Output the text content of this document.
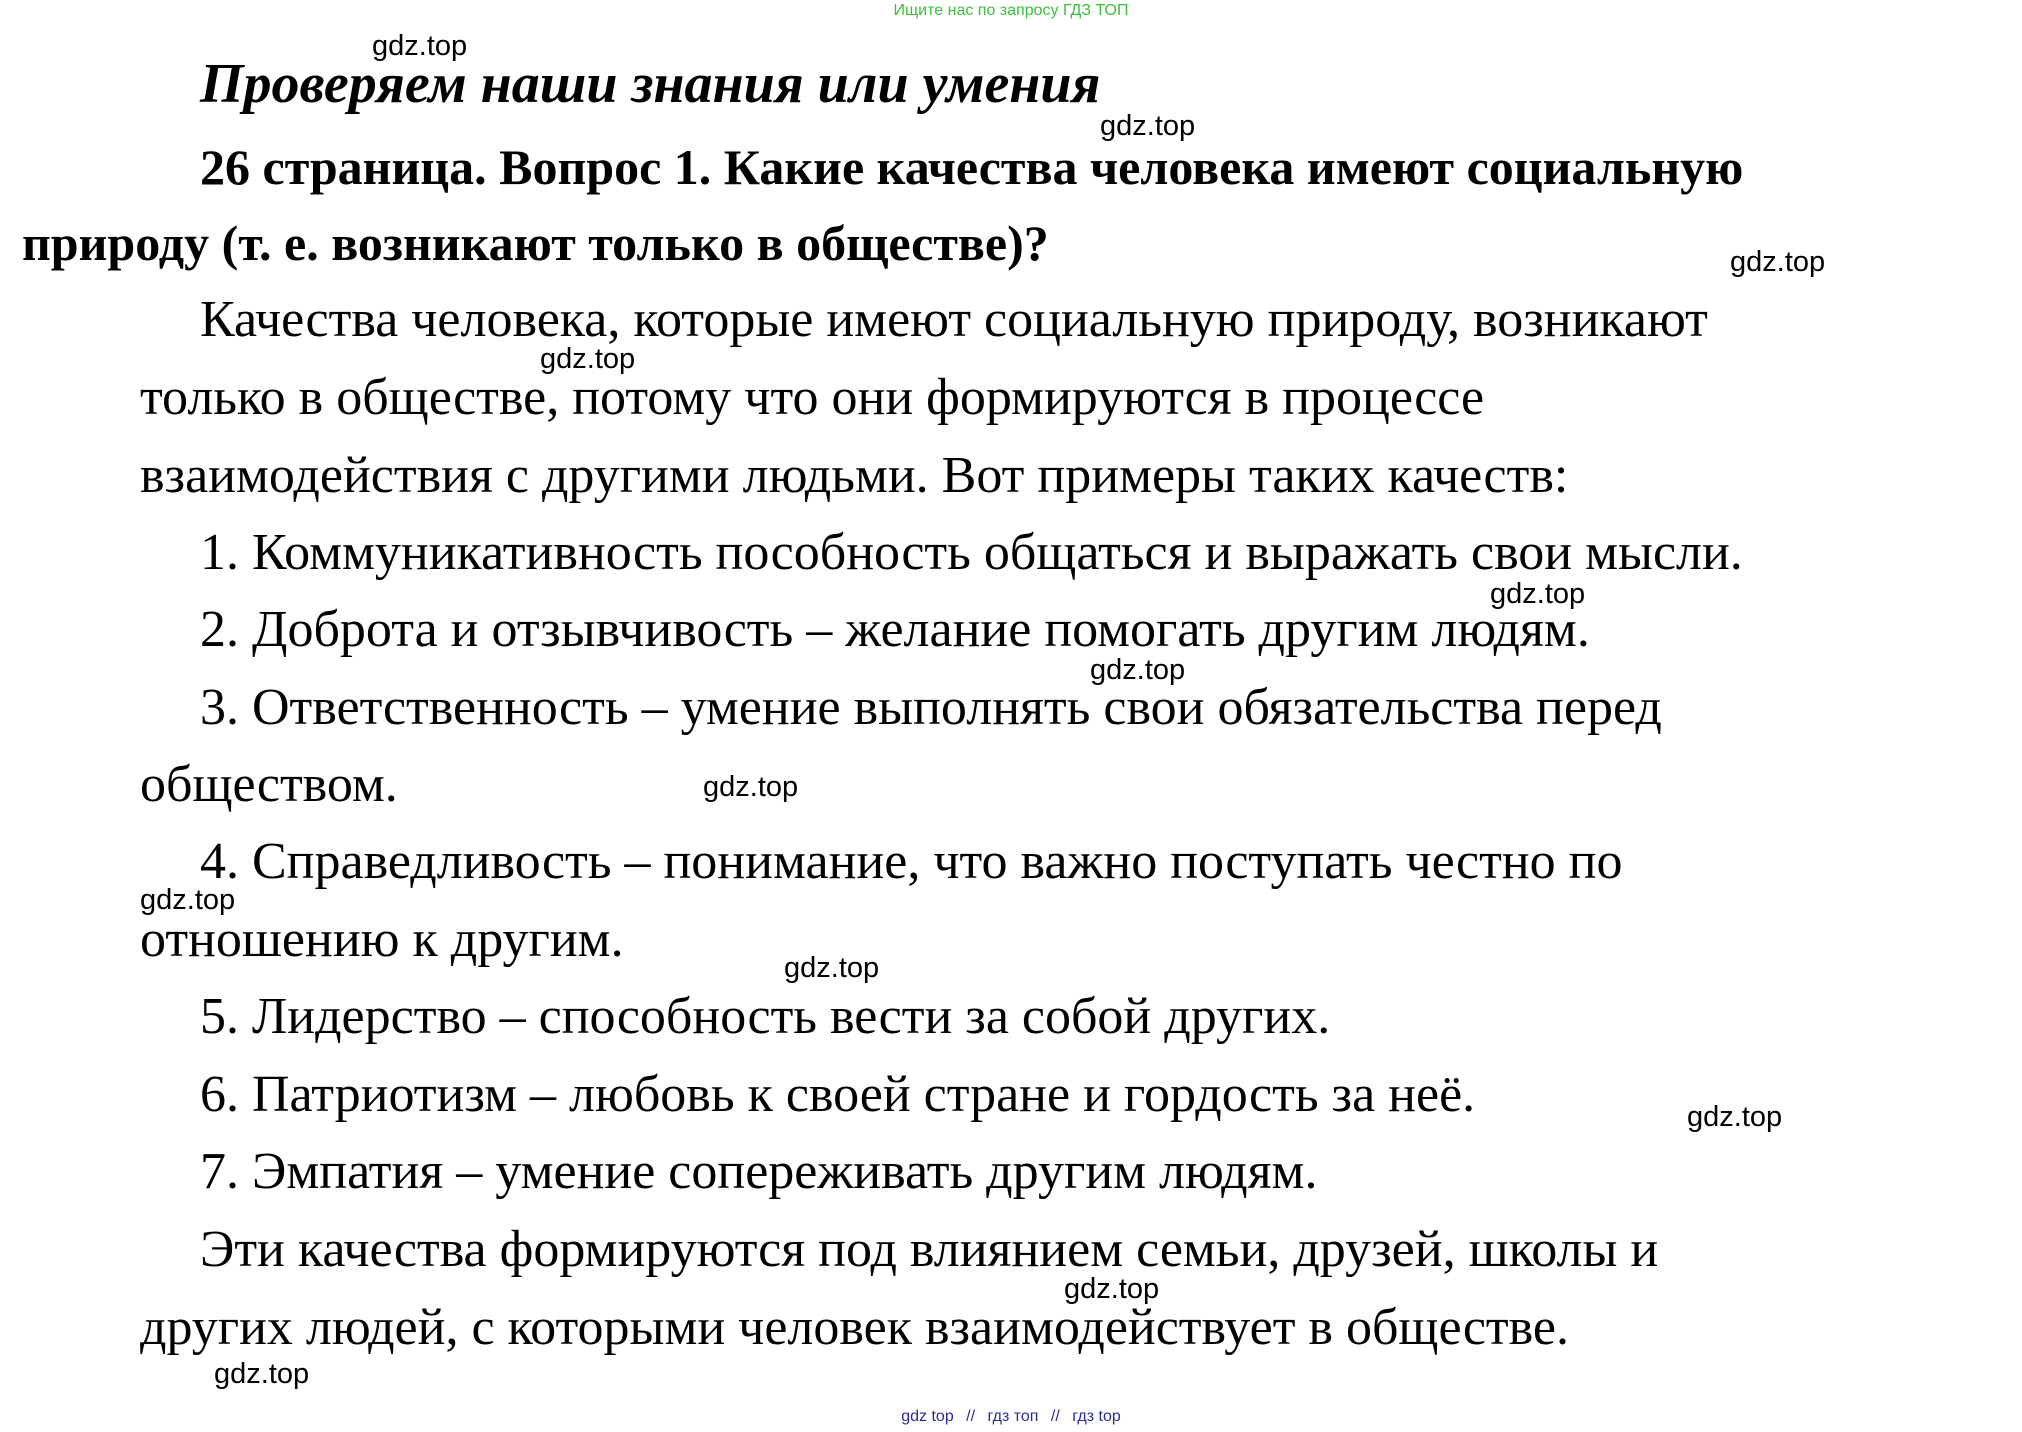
Ищите нас по запросу ГДЗ ТОП
gdz.top
Проверяем наши знания или умения
gdz.top
26 страница. Вопрос 1. Какие качества человека имеют социальную
природу (т. е. возникают только в обществе)?	gdz.top
Качества человека, которые имеют социальную природу, возникают
gdz.top
только в обществе, потому что они формируются в процессе
взаимодействия с другими людьми. Вот примеры таких качеств:
1. Коммуникативность пособность общаться и выражать свои мысли.
gdz.top
2. Доброта и отзывчивость – желание помогать другим людям.
gdz.top
3. Ответственность – умение выполнять свои обязательства перед
обществом.	gdz.top
4. Справедливость – понимание, что важно поступать честно по
gdz.top
отношению к другим.	gdz.top
5. Лидерство – способность вести за собой других.
6. Патриотизм – любовь к своей стране и гордость за неё.	gdz.top
7. Эмпатия – умение сопереживать другим людям.
Эти качества формируются под влиянием семьи, друзей, школы и
gdz.top
других людей, с которыми человек взаимодействует в обществе.
gdz.top
gdz top // гдз топ // гдз top
